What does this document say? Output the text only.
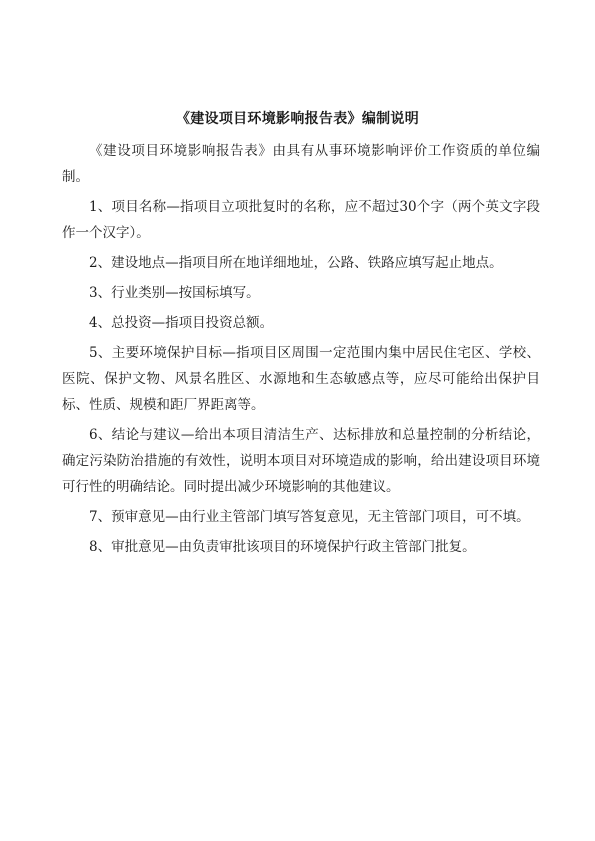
《建设项目环境影响报告表》编制说明

《建设项目环境影响报告表》由具有从事环境影响评价工作资质的单位编制。

1、项目名称—指项目立项批复时的名称，应不超过30个字（两个英文字段作一个汉字）。

2、建设地点—指项目所在地详细地址，公路、铁路应填写起止地点。

3、行业类别—按国标填写。

4、总投资—指项目投资总额。

5、主要环境保护目标—指项目区周围一定范围内集中居民住宅区、学校、医院、保护文物、风景名胜区、水源地和生态敏感点等，应尽可能给出保护目标、性质、规模和距厂界距离等。

6、结论与建议—给出本项目清洁生产、达标排放和总量控制的分析结论，确定污染防治措施的有效性，说明本项目对环境造成的影响，给出建设项目环境可行性的明确结论。同时提出减少环境影响的其他建议。

7、预审意见—由行业主管部门填写答复意见，无主管部门项目，可不填。

8、审批意见—由负责审批该项目的环境保护行政主管部门批复。
